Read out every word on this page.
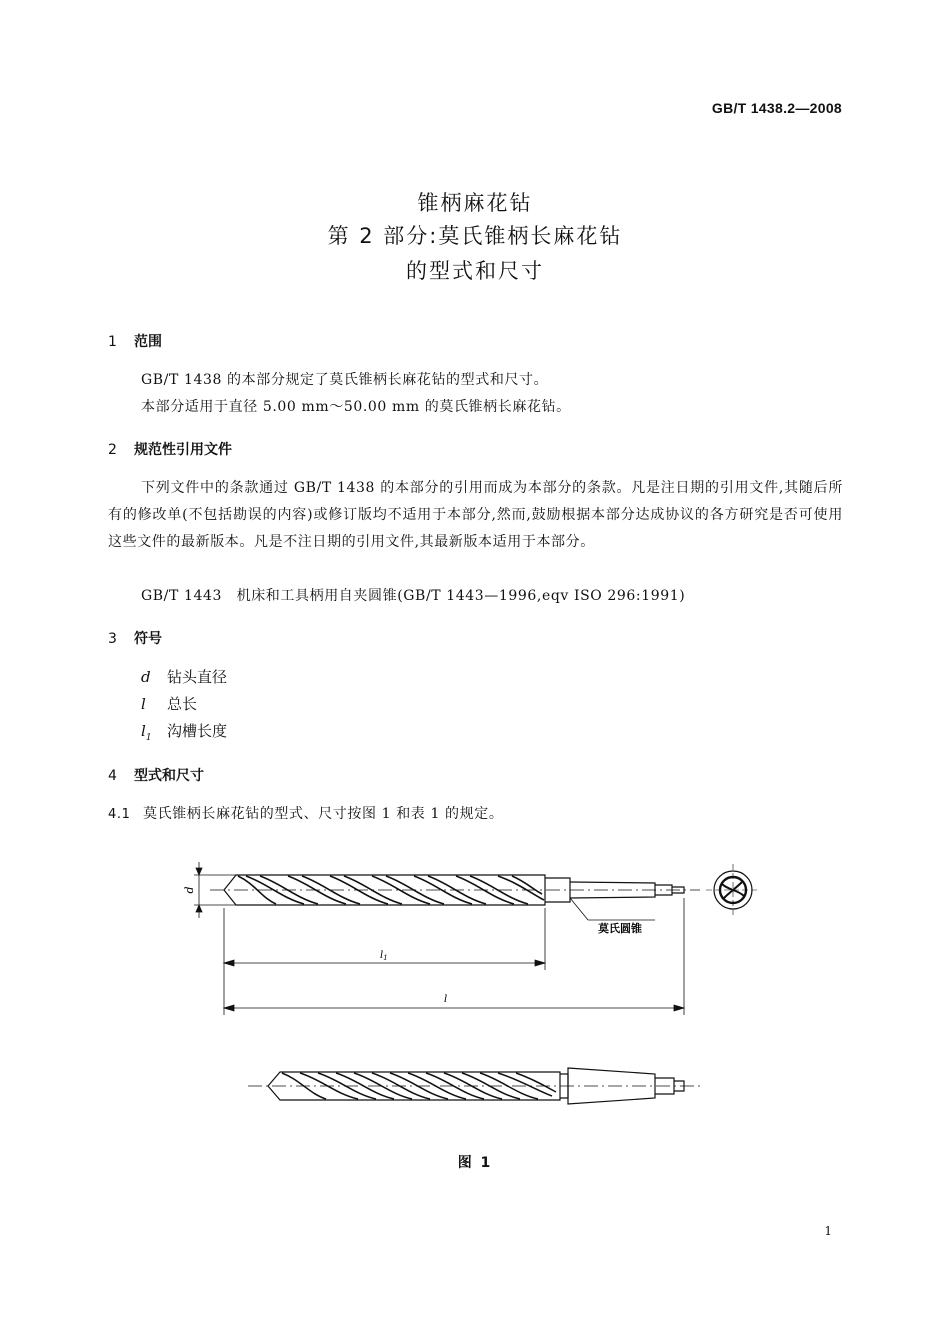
GB/T 1438.2—2008
锥柄麻花钻
第 2 部分:莫氏锥柄长麻花钻
的型式和尺寸
1 范围
GB/T 1438 的本部分规定了莫氏锥柄长麻花钻的型式和尺寸。
本部分适用于直径 5.00 mm～50.00 mm 的莫氏锥柄长麻花钻。
2 规范性引用文件
下列文件中的条款通过 GB/T 1438 的本部分的引用而成为本部分的条款。凡是注日期的引用文件,其随后所有的修改单(不包括勘误的内容)或修订版均不适用于本部分,然而,鼓励根据本部分达成协议的各方研究是否可使用这些文件的最新版本。凡是不注日期的引用文件,其最新版本适用于本部分。
GB/T 1443　机床和工具柄用自夹圆锥(GB/T 1443—1996,eqv ISO 296:1991)
3 符号
d 钻头直径
l 总长
$l_1$ 沟槽长度
4 型式和尺寸
4.1 莫氏锥柄长麻花钻的型式、尺寸按图 1 和表 1 的规定。
d
$l_1$
l
莫氏圆锥
图 1
1
